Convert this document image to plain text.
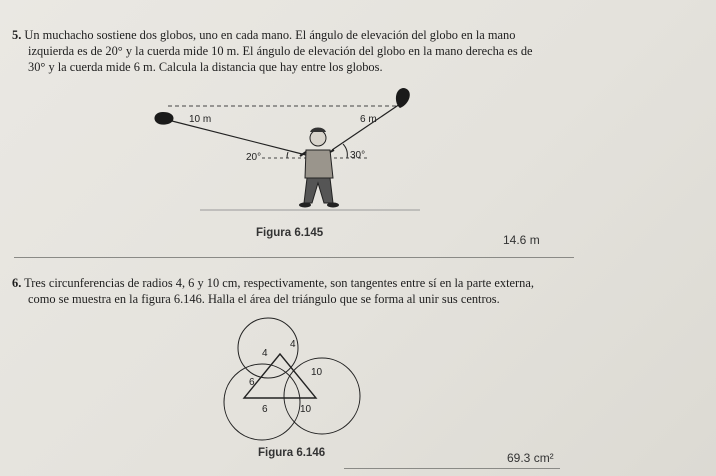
5. Un muchacho sostiene dos globos, uno en cada mano. El ángulo de elevación del globo en la mano

izquierda es de 20° y la cuerda mide 10 m. El ángulo de elevación del globo en la mano derecha es de

30° y la cuerda mide 6 m. Calcula la distancia que hay entre los globos.

10 m	6 m
20°	30°
Figura 6.145	14.6 m

6. Tres circunferencias de radios 4, 6 y 10 cm, respectivamente, son tangentes entre sí en la parte externa,

como se muestra en la figura 6.146. Halla el área del triángulo que se forma al unir sus centros.

4
4
6
10
6	10
Figura 6.146	69.3 cm²
